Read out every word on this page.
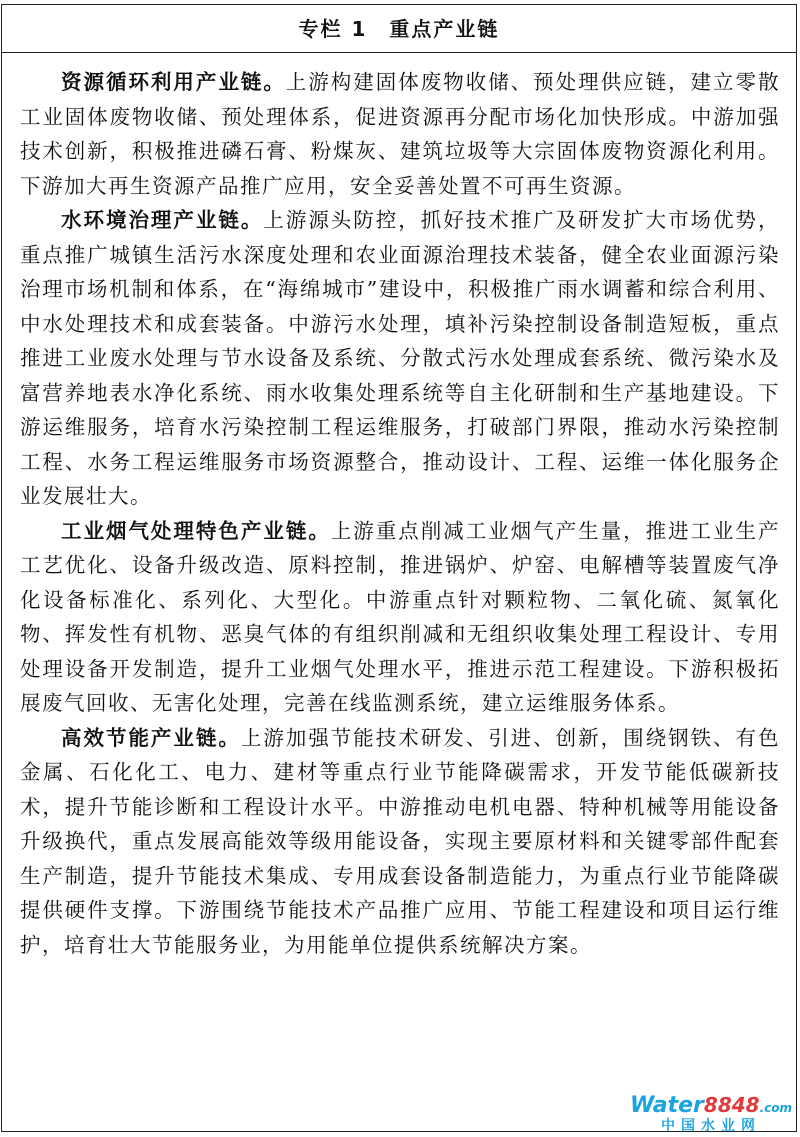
专栏 1　重点产业链

资源循环利用产业链。上游构建固体废物收储、预处理供应链，建立零散工业固体废物收储、预处理体系，促进资源再分配市场化加快形成。中游加强技术创新，积极推进磷石膏、粉煤灰、建筑垃圾等大宗固体废物资源化利用。下游加大再生资源产品推广应用，安全妥善处置不可再生资源。

水环境治理产业链。上游源头防控，抓好技术推广及研发扩大市场优势，重点推广城镇生活污水深度处理和农业面源治理技术装备，健全农业面源污染治理市场机制和体系，在“海绵城市”建设中，积极推广雨水调蓄和综合利用、中水处理技术和成套装备。中游污水处理，填补污染控制设备制造短板，重点推进工业废水处理与节水设备及系统、分散式污水处理成套系统、微污染水及富营养地表水净化系统、雨水收集处理系统等自主化研制和生产基地建设。下游运维服务，培育水污染控制工程运维服务，打破部门界限，推动水污染控制工程、水务工程运维服务市场资源整合，推动设计、工程、运维一体化服务企业发展壮大。

工业烟气处理特色产业链。上游重点削减工业烟气产生量，推进工业生产工艺优化、设备升级改造、原料控制，推进锅炉、炉窑、电解槽等装置废气净化设备标准化、系列化、大型化。中游重点针对颗粒物、二氧化硫、氮氧化物、挥发性有机物、恶臭气体的有组织削减和无组织收集处理工程设计、专用处理设备开发制造，提升工业烟气处理水平，推进示范工程建设。下游积极拓展废气回收、无害化处理，完善在线监测系统，建立运维服务体系。

高效节能产业链。上游加强节能技术研发、引进、创新，围绕钢铁、有色金属、石化化工、电力、建材等重点行业节能降碳需求，开发节能低碳新技术，提升节能诊断和工程设计水平。中游推动电机电器、特种机械等用能设备升级换代，重点发展高能效等级用能设备，实现主要原材料和关键零部件配套生产制造，提升节能技术集成、专用成套设备制造能力，为重点行业节能降碳提供硬件支撑。下游围绕节能技术产品推广应用、节能工程建设和项目运行维护，培育壮大节能服务业，为用能单位提供系统解决方案。

Water8848.com
中国水业网
